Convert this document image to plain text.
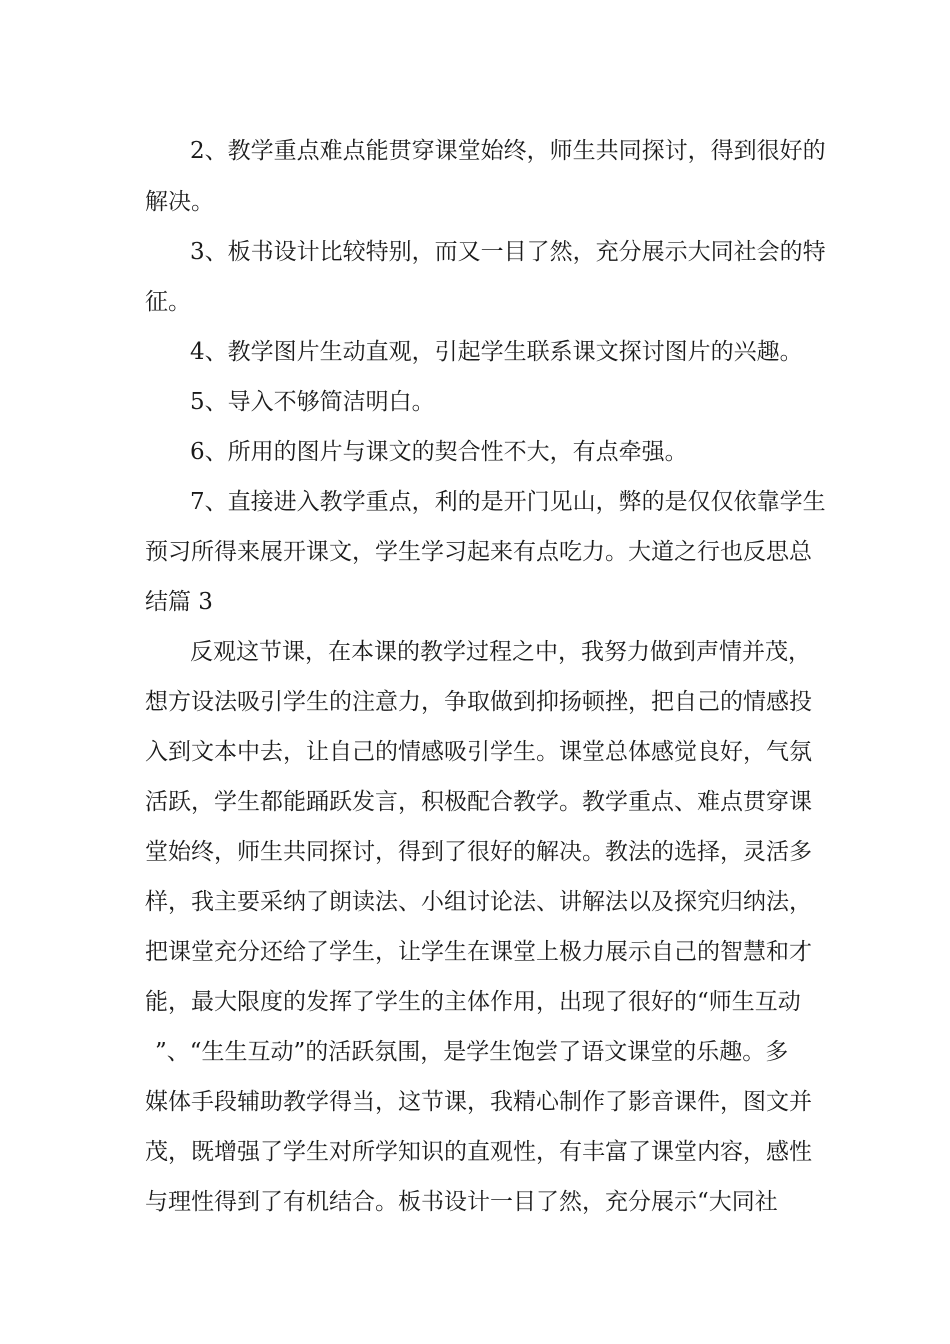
2、教学重点难点能贯穿课堂始终，师生共同探讨，得到很好的
解决。
3、板书设计比较特别，而又一目了然，充分展示大同社会的特
征。
4、教学图片生动直观，引起学生联系课文探讨图片的兴趣。
5、导入不够简洁明白。
6、所用的图片与课文的契合性不大，有点牵强。
7、直接进入教学重点，利的是开门见山，弊的是仅仅依靠学生
预习所得来展开课文，学生学习起来有点吃力。大道之行也反思总
结篇 3
反观这节课，在本课的教学过程之中，我努力做到声情并茂，
想方设法吸引学生的注意力，争取做到抑扬顿挫，把自己的情感投
入到文本中去，让自己的情感吸引学生。课堂总体感觉良好，气氛
活跃，学生都能踊跃发言，积极配合教学。教学重点、难点贯穿课
堂始终，师生共同探讨，得到了很好的解决。教法的选择，灵活多
样，我主要采纳了朗读法、小组讨论法、讲解法以及探究归纳法，
把课堂充分还给了学生，让学生在课堂上极力展示自己的智慧和才
能，最大限度的发挥了学生的主体作用，出现了很好的“师生互动
”、“生生互动”的活跃氛围，是学生饱尝了语文课堂的乐趣。多
媒体手段辅助教学得当，这节课，我精心制作了影音课件，图文并
茂，既增强了学生对所学知识的直观性，有丰富了课堂内容，感性
与理性得到了有机结合。板书设计一目了然，充分展示“大同社
